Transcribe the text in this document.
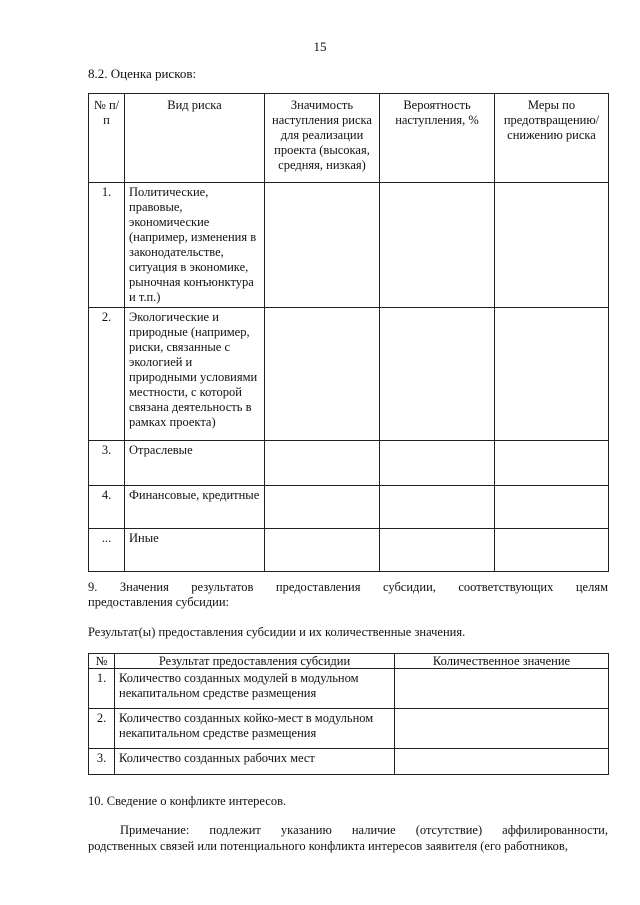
15
8.2. Оценка рисков:
№ п/п	Вид риска	Значимость наступления риска для реализации проекта (высокая, средняя, низкая)	Вероятность наступления, %	Меры по предотвращению/ снижению риска
1.	Политические, правовые, экономические (например, изменения в законодательстве, ситуация в экономике, рыночная конъюнктура и т.п.)			
2.	Экологические и природные (например, риски, связанные с экологией и природными условиями местности, с которой связана деятельность в рамках проекта)			
3.	Отраслевые			
4.	Финансовые, кредитные			
...	Иные			
9. Значения результатов предоставления субсидии, соответствующих целям
предоставления субсидии:
Результат(ы) предоставления субсидии и их количественные значения.
№	Результат предоставления субсидии	Количественное значение
1.	Количество созданных модулей в модульном некапитальном средстве размещения	
2.	Количество созданных койко-мест в модульном некапитальном средстве размещения	
3.	Количество созданных рабочих мест	
10. Сведение о конфликте интересов.
Примечание: подлежит указанию наличие (отсутствие) аффилированности,
родственных связей или потенциального конфликта интересов заявителя (его работников,
